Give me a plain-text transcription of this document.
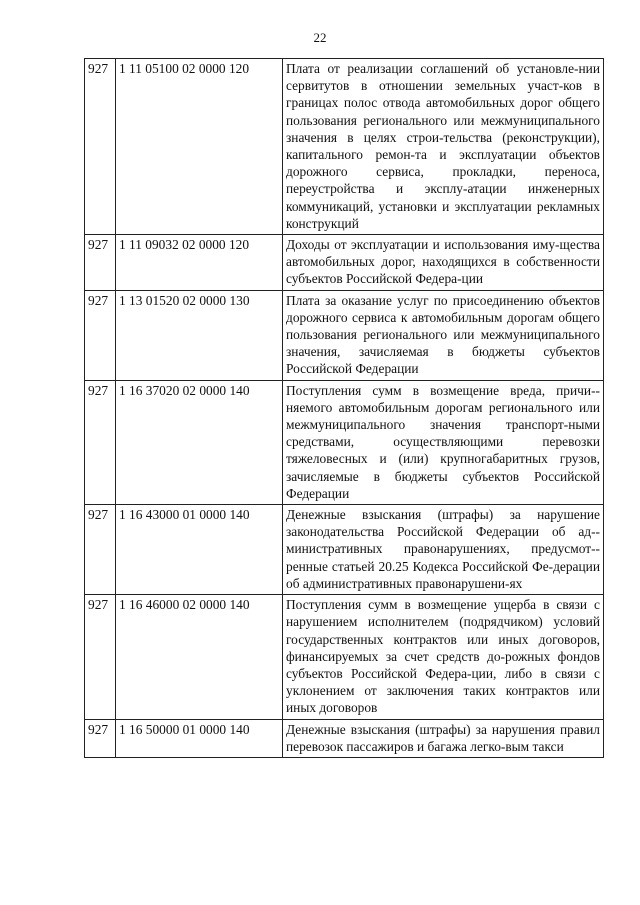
22
927	1 11 05100 02 0000 120	Плата от реализации соглашений об установле-нии сервитутов в отношении земельных участ-ков в границах полос отвода автомобильных дорог общего пользования регионального или межмуниципального значения в целях строи-тельства (реконструкции), капитального ремон-та и эксплуатации объектов дорожного сервиса, прокладки, переноса, переустройства и эксплу-атации инженерных коммуникаций, установки и эксплуатации рекламных конструкций
927	1 11 09032 02 0000 120	Доходы от эксплуатации и использования иму-щества автомобильных дорог, находящихся в собственности субъектов Российской Федера-ции
927	1 13 01520 02 0000 130	Плата за оказание услуг по присоединению объектов дорожного сервиса к автомобильным дорогам общего пользования регионального или межмуниципального значения, зачисляемая в бюджеты субъектов Российской Федерации
927	1 16 37020 02 0000 140	Поступления сумм в возмещение вреда, причи-няемого автомобильным дорогам регионального или межмуниципального значения транспорт-ными средствами, осуществляющими перевозки тяжеловесных и (или) крупногабаритных грузов, зачисляемые в бюджеты субъектов Российской Федерации
927	1 16 43000 01 0000 140	Денежные взыскания (штрафы) за нарушение законодательства Российской Федерации об ад-министративных правонарушениях, предусмот-ренные статьей 20.25 Кодекса Российской Фе-дерации об административных правонарушени-ях
927	1 16 46000 02 0000 140	Поступления сумм в возмещение ущерба в связи с нарушением исполнителем (подрядчиком) условий государственных контрактов или иных договоров, финансируемых за счет средств до-рожных фондов субъектов Российской Федера-ции, либо в связи с уклонением от заключения таких контрактов или иных договоров
927	1 16 50000 01 0000 140	Денежные взыскания (штрафы) за нарушения правил перевозок пассажиров и багажа легко-вым такси
